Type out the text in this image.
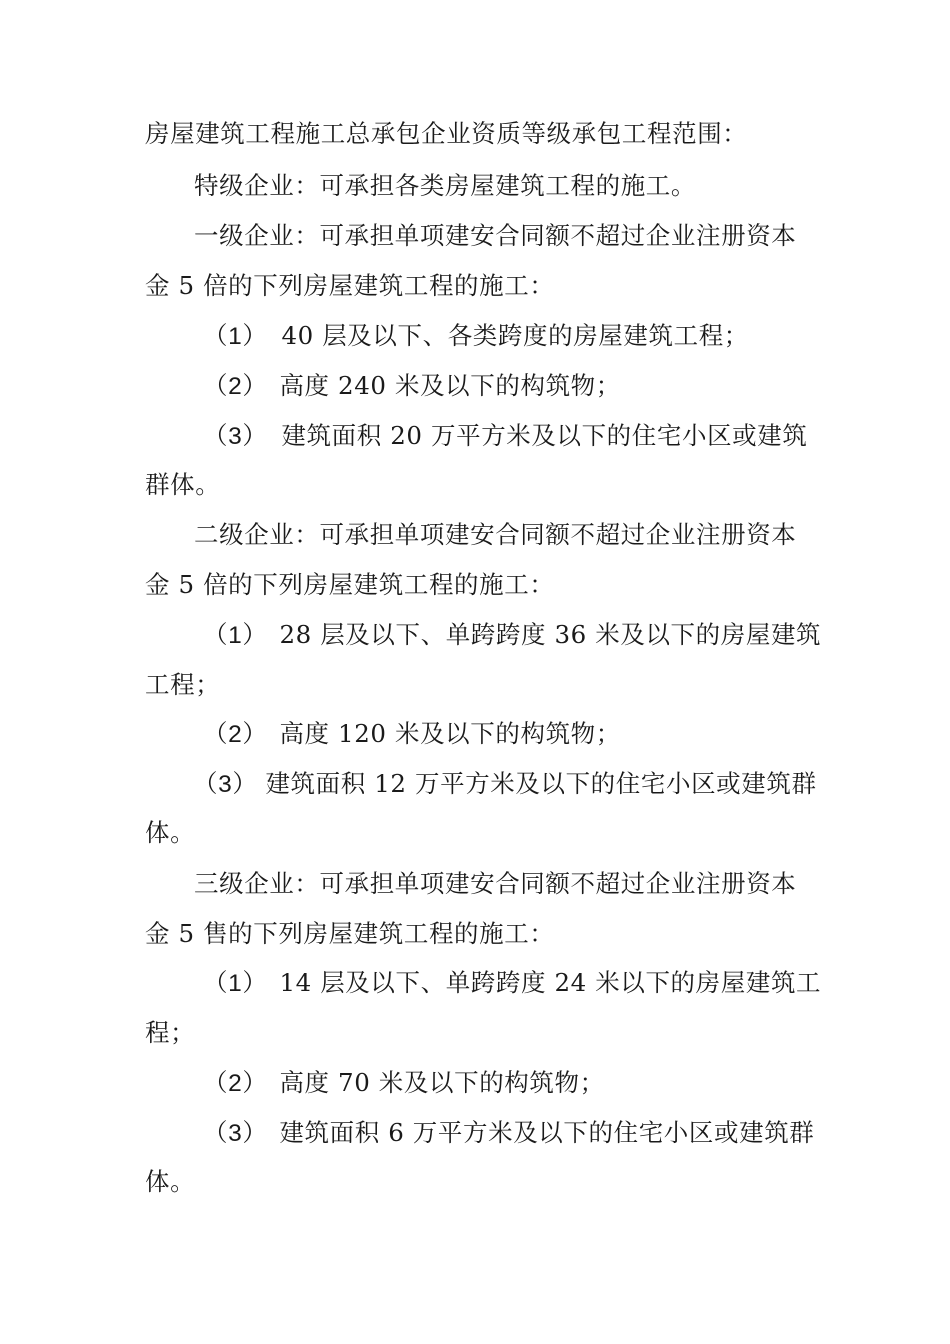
房屋建筑工程施工总承包企业资质等级承包工程范围：
特级企业：可承担各类房屋建筑工程的施工。
一级企业：可承担单项建安合同额不超过企业注册资本
金 5 倍的下列房屋建筑工程的施工：
（1） 40 层及以下、各类跨度的房屋建筑工程；
（2） 高度 240 米及以下的构筑物；
（3） 建筑面积 20 万平方米及以下的住宅小区或建筑
群体。
二级企业：可承担单项建安合同额不超过企业注册资本
金 5 倍的下列房屋建筑工程的施工：
（1） 28 层及以下、单跨跨度 36 米及以下的房屋建筑
工程；
（2） 高度 120 米及以下的构筑物；
（3） 建筑面积 12 万平方米及以下的住宅小区或建筑群
体。
三级企业：可承担单项建安合同额不超过企业注册资本
金 5 售的下列房屋建筑工程的施工：
（1） 14 层及以下、单跨跨度 24 米以下的房屋建筑工
程；
（2） 高度 70 米及以下的构筑物；
（3） 建筑面积 6 万平方米及以下的住宅小区或建筑群
体。
